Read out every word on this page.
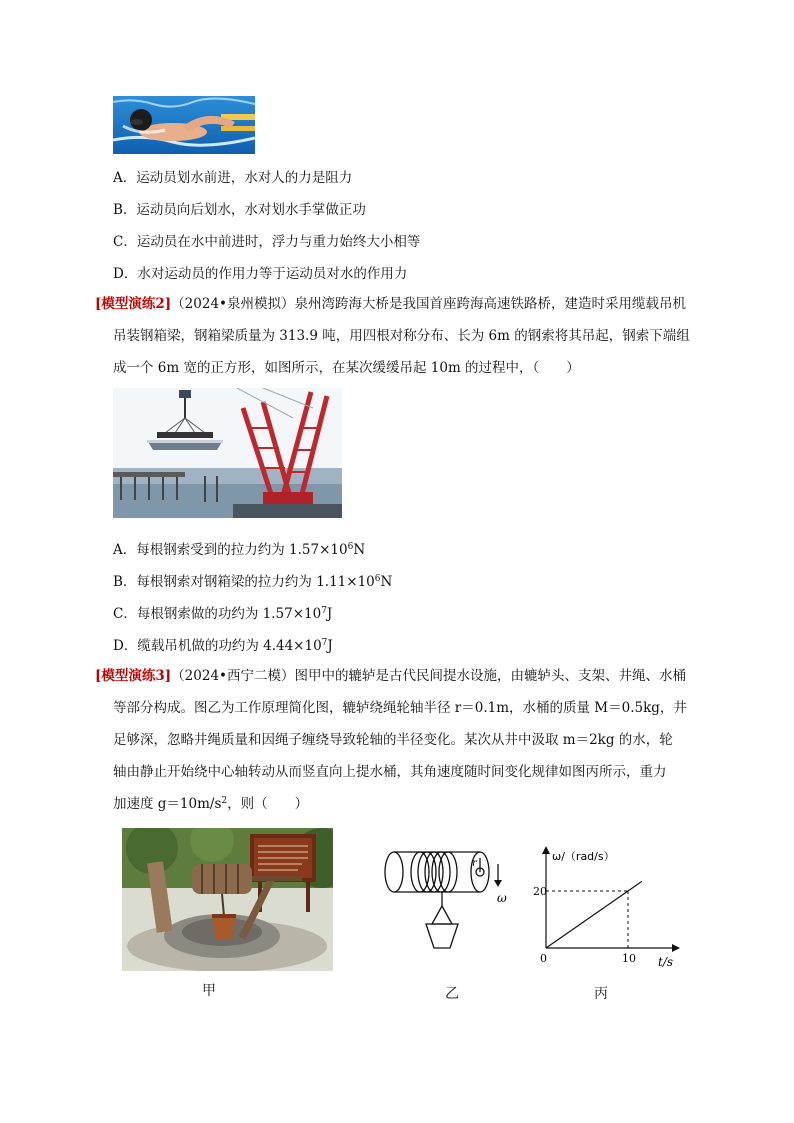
A．运动员划水前进，水对人的力是阻力
B．运动员向后划水，水对划水手掌做正功
C．运动员在水中前进时，浮力与重力始终大小相等
D．水对运动员的作用力等于运动员对水的作用力
[模型演练2]（2024•泉州模拟）泉州湾跨海大桥是我国首座跨海高速铁路桥，建造时采用缆载吊机
吊装钢箱梁，钢箱梁质量为 313.9 吨，用四根对称分布、长为 6m 的钢索将其吊起，钢索下端组
成一个 6m 宽的正方形，如图所示，在某次缓缓吊起 10m 的过程中，（　　）
A．每根钢索受到的拉力约为 $1.57\times 10^6N$
B．每根钢索对钢箱梁的拉力约为 $1.11\times 10^6N$
C．每根钢索做的功约为 $1.57\times 10^7J$
D．缆载吊机做的功约为 $4.44\times 10^7J$
[模型演练3]（2024•西宁二模）图甲中的辘轳是古代民间提水设施，由辘轳头、支架、井绳、水桶
等部分构成。图乙为工作原理简化图，辘轳绕绳轮轴半径 r＝0.1m，水桶的质量 M＝0.5kg，井
足够深，忽略井绳质量和因绳子缠绕导致轮轴的半径变化。某次从井中汲取 m＝2kg 的水，轮
轴由静止开始绕中心轴转动从而竖直向上提水桶，其角速度随时间变化规律如图丙所示，重力
加速度 $g=10m/s^2$，则（　　）
甲
r
ω
乙
ω/（rad/s）
t/s
20
10
0
丙
